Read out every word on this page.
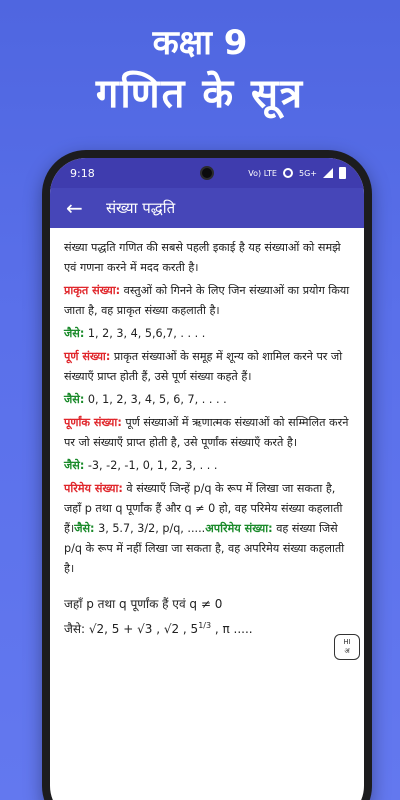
कक्षा 9
गणित के सूत्र
9:18	Vo) LTE	5G+
←	संख्या पद्धति

संख्या पद्धति गणित की सबसे पहली इकाई है यह संख्याओं को समझे एवं गणना करने में मदद करती है।

प्राकृत संख्या: वस्तुओं को गिनने के लिए जिन संख्याओं का प्रयोग किया जाता है, वह प्राकृत संख्या कहलाती है।

जैसे: 1, 2, 3, 4, 5,6,7, . . . .

पूर्ण संख्या: प्राकृत संख्याओं के समूह में शून्य को शामिल करने पर जो संख्याएँ प्राप्त होती हैं, उसे पूर्ण संख्या कहते हैं।

जैसे: 0, 1, 2, 3, 4, 5, 6, 7, . . . .

पूर्णांक संख्या: पूर्ण संख्याओं में ऋणात्मक संख्याओं को सम्मिलित करने पर जो संख्याएँ प्राप्त होती है, उसे पूर्णांक संख्याएँ करते है।

जैसे: -3, -2, -1, 0, 1, 2, 3, . . .

परिमेय संख्या: वे संख्याएँ जिन्हें p/q के रूप में लिखा जा सकता है, जहाँ p तथा q पूर्णांक हैं और q ≠ 0 हो, वह परिमेय संख्या कहलाती हैं।जैसे: 3, 5.7, 3/2, p/q, .....अपरिमेय संख्या: वह संख्या जिसे p/q के रूप में नहीं लिखा जा सकता है, वह अपरिमेय संख्या कहलाती है।

जहाँ p तथा q पूर्णांक हैं एवं q ≠ 0
जैसे: √2, 5 + √3 , √2 , $5^{1/3}$ , π .....
HI
अ
